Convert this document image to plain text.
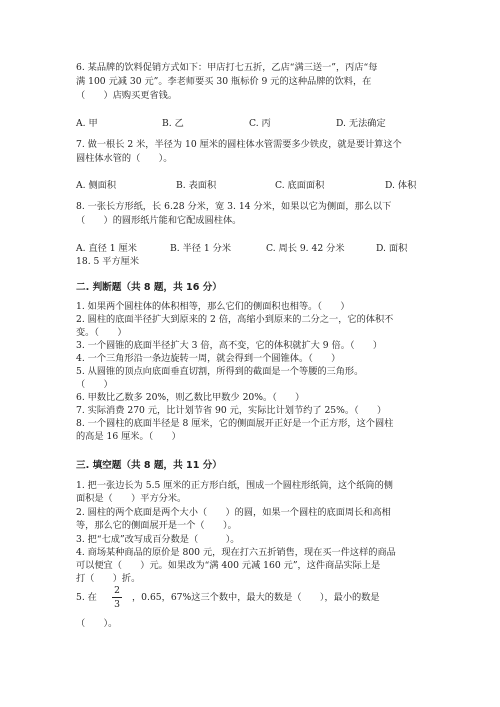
6. 某品牌的饮料促销方式如下：甲店打七五折，乙店“满三送一”，丙店“每
满 100 元减 30 元”。李老师要买 30 瓶标价 9 元的这种品牌的饮料，在
（　　）店购买更省钱。
A. 甲	B. 乙	C. 丙	D. 无法确定
7. 做一根长 2 米，半径为 10 厘米的圆柱体水管需要多少铁皮，就是要计算这个
圆柱体水管的（　　）。
A. 侧面积	B. 表面积	C. 底面面积	D. 体积
8. 一张长方形纸，长 6.28 分米，宽 3. 14 分米，如果以它为侧面，那么以下
（　　）的圆形纸片能和它配成圆柱体。
A. 直径 1 厘米	B. 半径 1 分米	C. 周长 9. 42 分米	D. 面积
18. 5 平方厘米
二. 判断题（共 8 题，共 16 分）
1. 如果两个圆柱体的体积相等，那么它们的侧面积也相等。（　　）
2. 圆柱的底面半径扩大到原来的 2 倍，高缩小到原来的二分之一，它的体积不
变。（　　）
3. 一个圆锥的底面半径扩大 3 倍，高不变，它的体积就扩大 9 倍。（　　）
4. 一个三角形沿一条边旋转一周，就会得到一个圆锥体。（　　）
5. 从圆锥的顶点向底面垂直切割，所得到的截面是一个等腰的三角形。
（　　）
6. 甲数比乙数多 20%，则乙数比甲数少 20%。（　　）
7. 实际消费 270 元，比计划节省 90 元，实际比计划节约了 25%。（　　）
8. 一个圆柱的底面半径是 8 厘米，它的侧面展开正好是一个正方形，这个圆柱
的高是 16 厘米。（　　）
三. 填空题（共 8 题，共 11 分）
1. 把一张边长为 5.5 厘米的正方形白纸，围成一个圆柱形纸筒，这个纸筒的侧
面积是（　　）平方分米。
2. 圆柱的两个底面是两个大小（　　）的圆，如果一个圆柱的底面周长和高相
等，那么它的侧面展开是一个（　　）。
3. 把“七成”改写成百分数是（　　　）。
4. 商场某种商品的原价是 800 元，现在打六五折销售，现在买一件这样的商品
可以便宜（　　）元。如果改为“满 400 元减 160 元”，这件商品实际上是
打（　　）折。
5. 在
2
3
，0.65，67%这三个数中，最大的数是（　　），最小的数是
（　　）。
